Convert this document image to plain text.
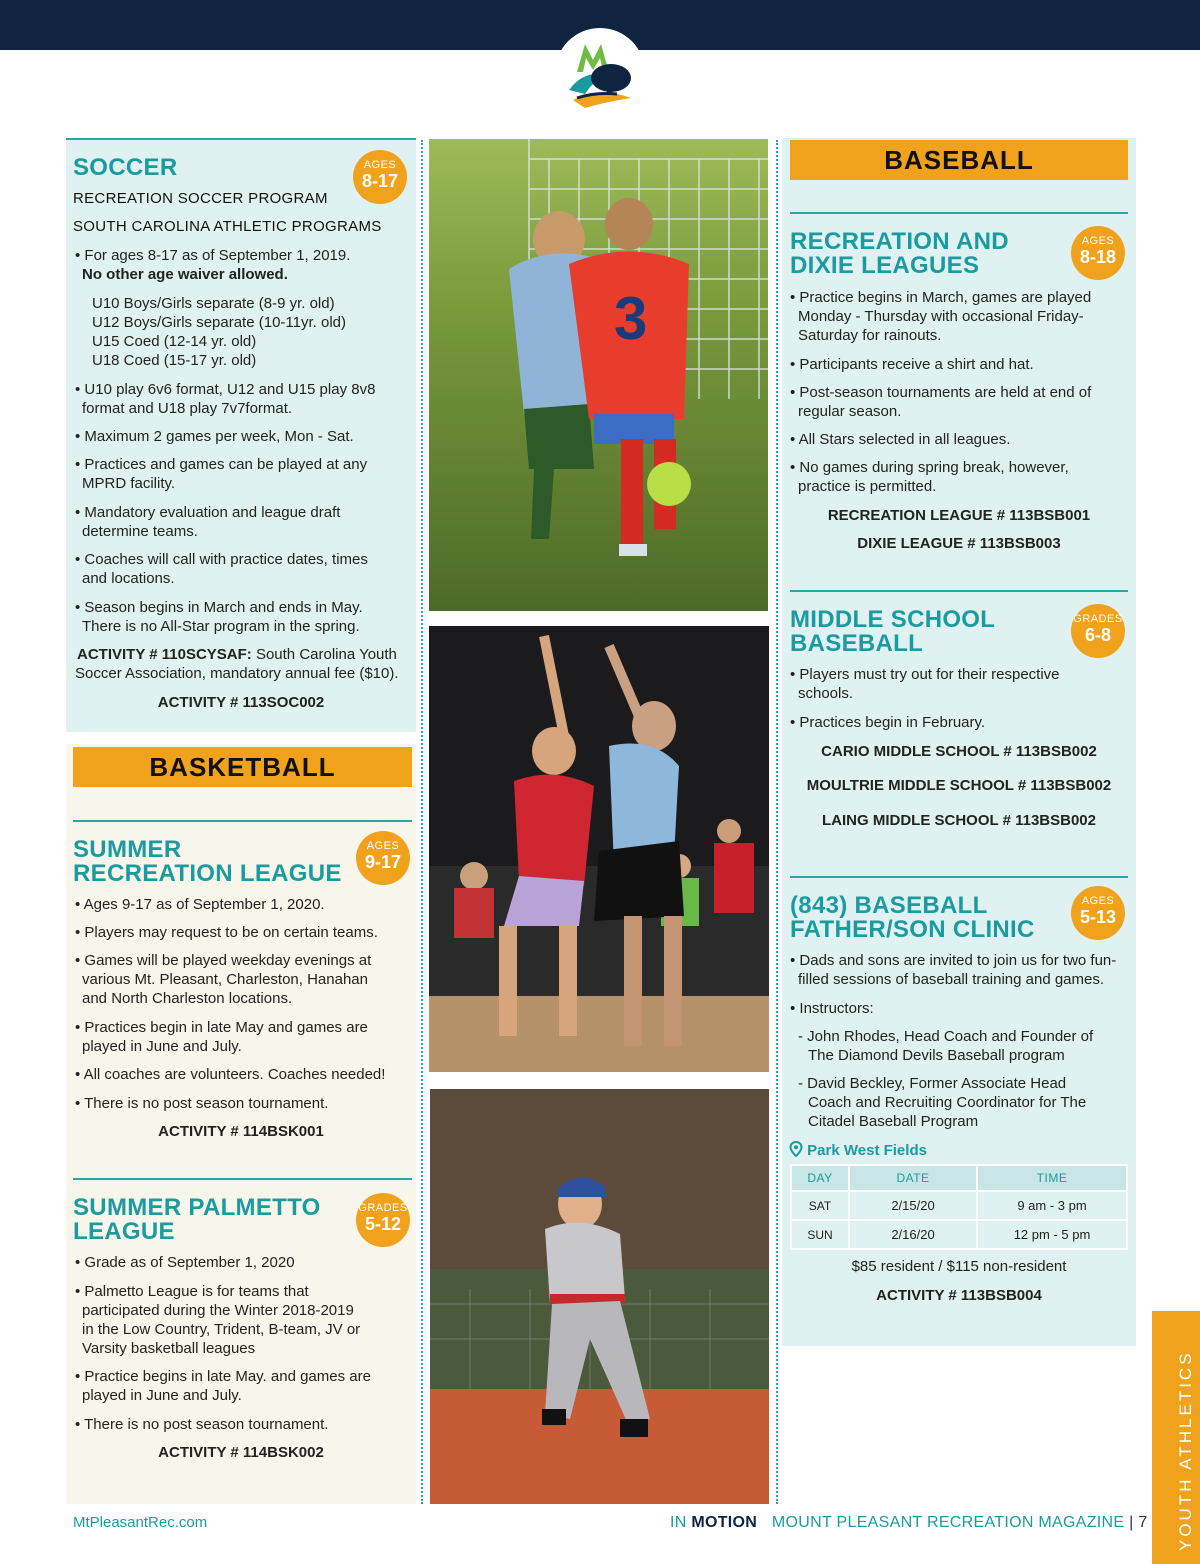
SOCCER	AGES
8-17
RECREATION SOCCER PROGRAM
SOUTH CAROLINA ATHLETIC PROGRAMS
• For ages 8-17 as of September 1, 2019.
No other age waiver allowed.
U10 Boys/Girls separate (8-9 yr. old)
U12 Boys/Girls separate (10-11yr. old)
U15 Coed (12-14 yr. old)
U18 Coed (15-17 yr. old)
• U10 play 6v6 format, U12 and U15 play 8v8
format and U18 play 7v7format.
• Maximum 2 games per week, Mon - Sat.
• Practices and games can be played at any
MPRD facility.
• Mandatory evaluation and league draft
determine teams.
• Coaches will call with practice dates, times
and locations.
• Season begins in March and ends in May.
There is no All-Star program in the spring.
ACTIVITY # 110SCYSAF: South Carolina Youth
Soccer Association, mandatory annual fee ($10).
ACTIVITY # 113SOC002
BASKETBALL
SUMMER
RECREATION LEAGUE
AGES
9-17
• Ages 9-17 as of September 1, 2020.
• Players may request to be on certain teams.
• Games will be played weekday evenings at
various Mt. Pleasant, Charleston, Hanahan
and North Charleston locations.
• Practices begin in late May and games are
played in June and July.
• All coaches are volunteers. Coaches needed!
• There is no post season tournament.
ACTIVITY # 114BSK001
SUMMER PALMETTO
LEAGUE
GRADES
5-12
• Grade as of September 1, 2020
• Palmetto League is for teams that
participated during the Winter 2018-2019
in the Low Country, Trident, B-team, JV or
Varsity basketball leagues
• Practice begins in late May. and games are
played in June and July.
• There is no post season tournament.
ACTIVITY # 114BSK002
3
BASEBALL
RECREATION AND
DIXIE LEAGUES
AGES
8-18
• Practice begins in March, games are played
Monday - Thursday with occasional Friday-
Saturday for rainouts.
• Participants receive a shirt and hat.
• Post-season tournaments are held at end of
regular season.
• All Stars selected in all leagues.
• No games during spring break, however,
practice is permitted.
RECREATION LEAGUE # 113BSB001
DIXIE LEAGUE # 113BSB003
MIDDLE SCHOOL
BASEBALL
GRADES
6-8
• Players must try out for their respective
schools.
• Practices begin in February.
CARIO MIDDLE SCHOOL # 113BSB002
MOULTRIE MIDDLE SCHOOL # 113BSB002
LAING MIDDLE SCHOOL # 113BSB002
(843) BASEBALL
FATHER/SON CLINIC
AGES
5-13
• Dads and sons are invited to join us for two fun-
filled sessions of baseball training and games.
• Instructors:
- John Rhodes, Head Coach and Founder of
The Diamond Devils Baseball program
- David Beckley, Former Associate Head
Coach and Recruiting Coordinator for The
Citadel Baseball Program
Park West Fields
DAY	DATE	TIME
SAT	2/15/20	9 am - 3 pm
SUN	2/16/20	12 pm - 5 pm
$85 resident / $115 non-resident
ACTIVITY # 113BSB004
YOUTH ATHLETICS
MtPleasantRec.com	IN MOTION MOUNT PLEASANT RECREATION MAGAZINE | 7
